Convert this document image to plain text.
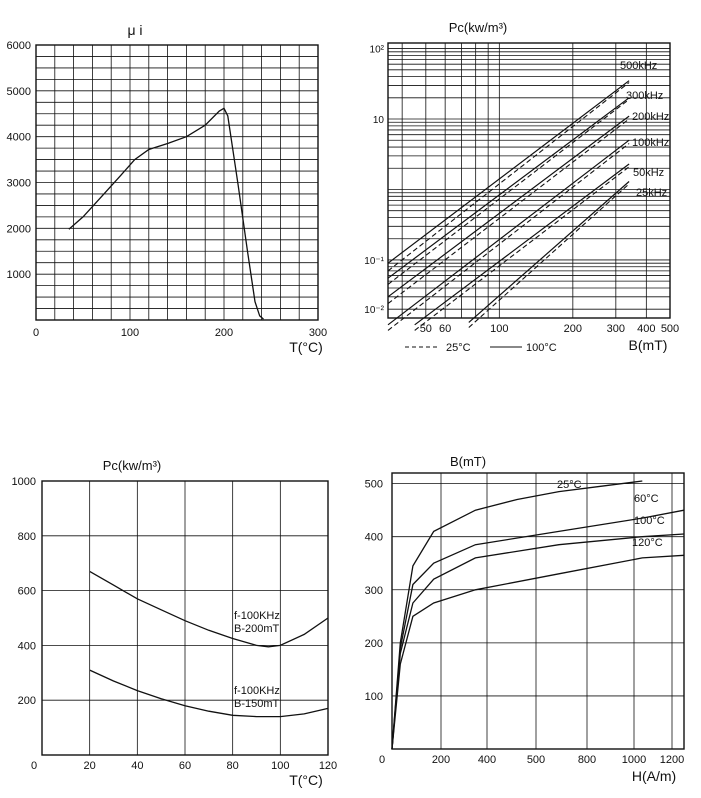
1000
2000
3000
4000
5000
6000
0	100	200	300
μ i
T(°C)
10²
10
10⁻¹
10⁻²
50 60	100	200 300 400 500
Pc(kw/m³)
B(mT)
25°C	100°C
500kHz
300kHz
200kHz
100kHz
50kHz
25kHz
200
400
600
800
1000
0	20	40	60	80	100	120
Pc(kw/m³)
T(°C)
f-100KHz
B-200mT
f-100KHz
B-150mT
100
200
300
400
500
0	200	400	500	800 1000 1200
B(mT)
H(A/m)
25°C
60°C
100°C
120°C
